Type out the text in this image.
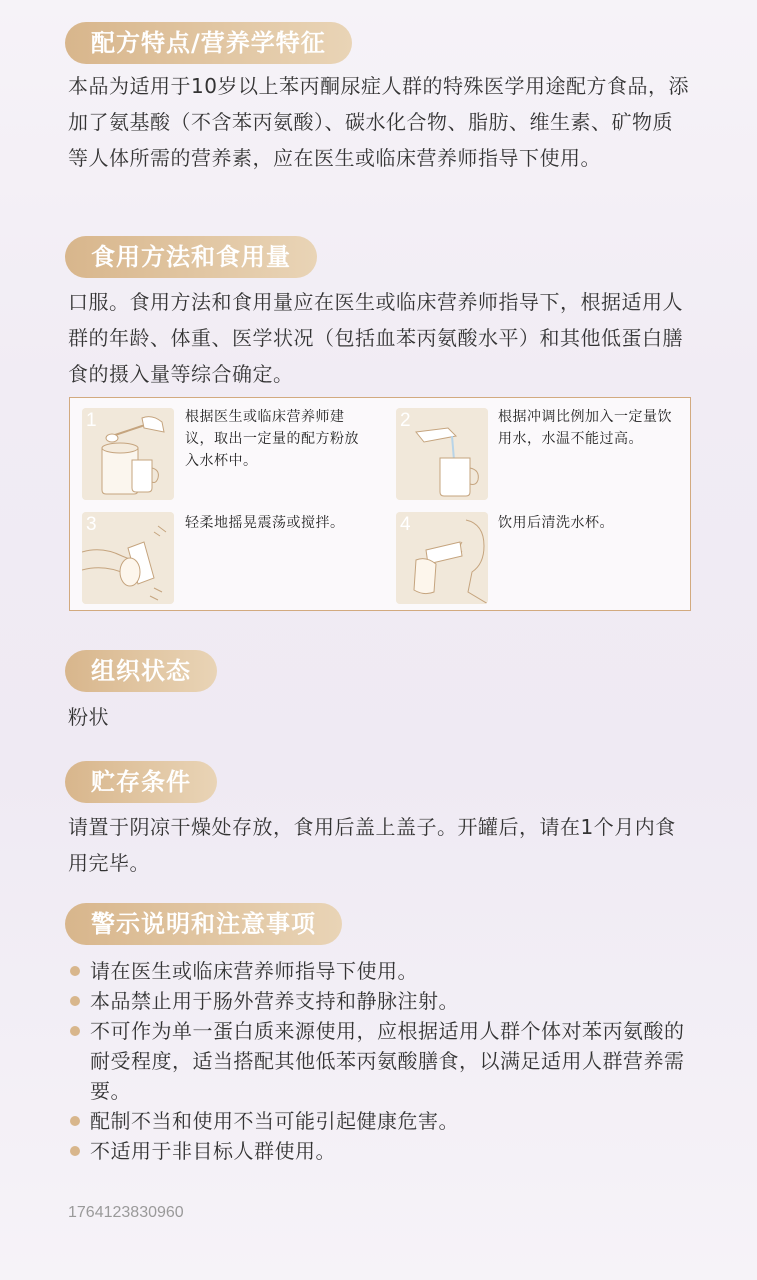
配方特点/营养学特征
本品为适用于10岁以上苯丙酮尿症人群的特殊医学用途配方食品，添加了氨基酸（不含苯丙氨酸）、碳水化合物、脂肪、维生素、矿物质等人体所需的营养素，应在医生或临床营养师指导下使用。
食用方法和食用量
口服。食用方法和食用量应在医生或临床营养师指导下，根据适用人群的年龄、体重、医学状况（包括血苯丙氨酸水平）和其他低蛋白膳食的摄入量等综合确定。
1	根据医生或临床营养师建议，取出一定量的配方粉放入水杯中。
2	根据冲调比例加入一定量饮用水，水温不能过高。
3	轻柔地摇晃震荡或搅拌。	4	饮用后清洗水杯。
组织状态
粉状
贮存条件
请置于阴凉干燥处存放，食用后盖上盖子。开罐后，请在1个月内食用完毕。
警示说明和注意事项
请在医生或临床营养师指导下使用。
本品禁止用于肠外营养支持和静脉注射。
不可作为单一蛋白质来源使用，应根据适用人群个体对苯丙氨酸的耐受程度，适当搭配其他低苯丙氨酸膳食，以满足适用人群营养需要。
配制不当和使用不当可能引起健康危害。
不适用于非目标人群使用。
1764123830960
